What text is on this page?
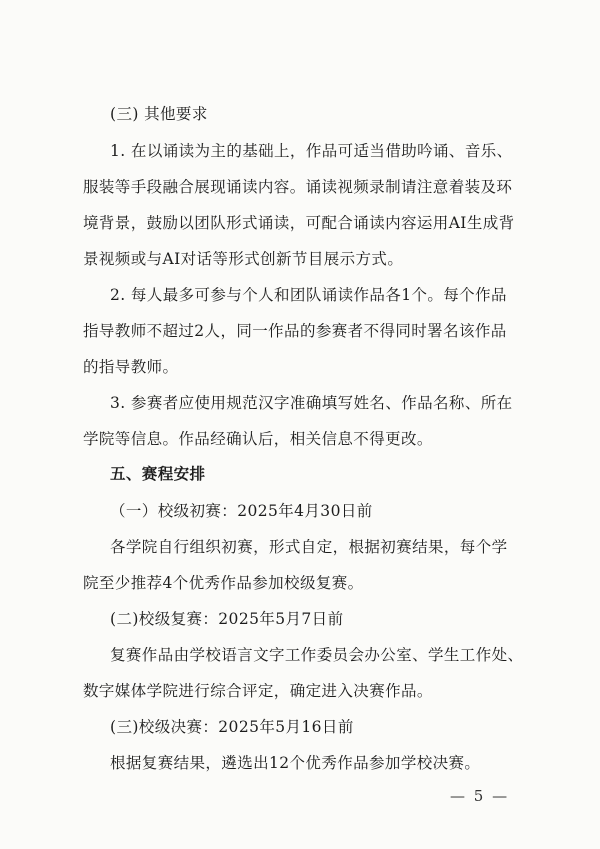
(三) 其他要求
1. 在以诵读为主的基础上，作品可适当借助吟诵、音乐、
服装等手段融合展现诵读内容。诵读视频录制请注意着装及环
境背景，鼓励以团队形式诵读，可配合诵读内容运用AI生成背
景视频或与AI对话等形式创新节目展示方式。
2. 每人最多可参与个人和团队诵读作品各1个。每个作品
指导教师不超过2人，同一作品的参赛者不得同时署名该作品
的指导教师。
3. 参赛者应使用规范汉字准确填写姓名、作品名称、所在
学院等信息。作品经确认后，相关信息不得更改。
五、赛程安排
（一）校级初赛：2025年4月30日前
各学院自行组织初赛，形式自定，根据初赛结果，每个学
院至少推荐4个优秀作品参加校级复赛。
(二)校级复赛：2025年5月7日前
复赛作品由学校语言文字工作委员会办公室、学生工作处、
数字媒体学院进行综合评定，确定进入决赛作品。
(三)校级决赛：2025年5月16日前
根据复赛结果，遴选出12个优秀作品参加学校决赛。
— 5 —
